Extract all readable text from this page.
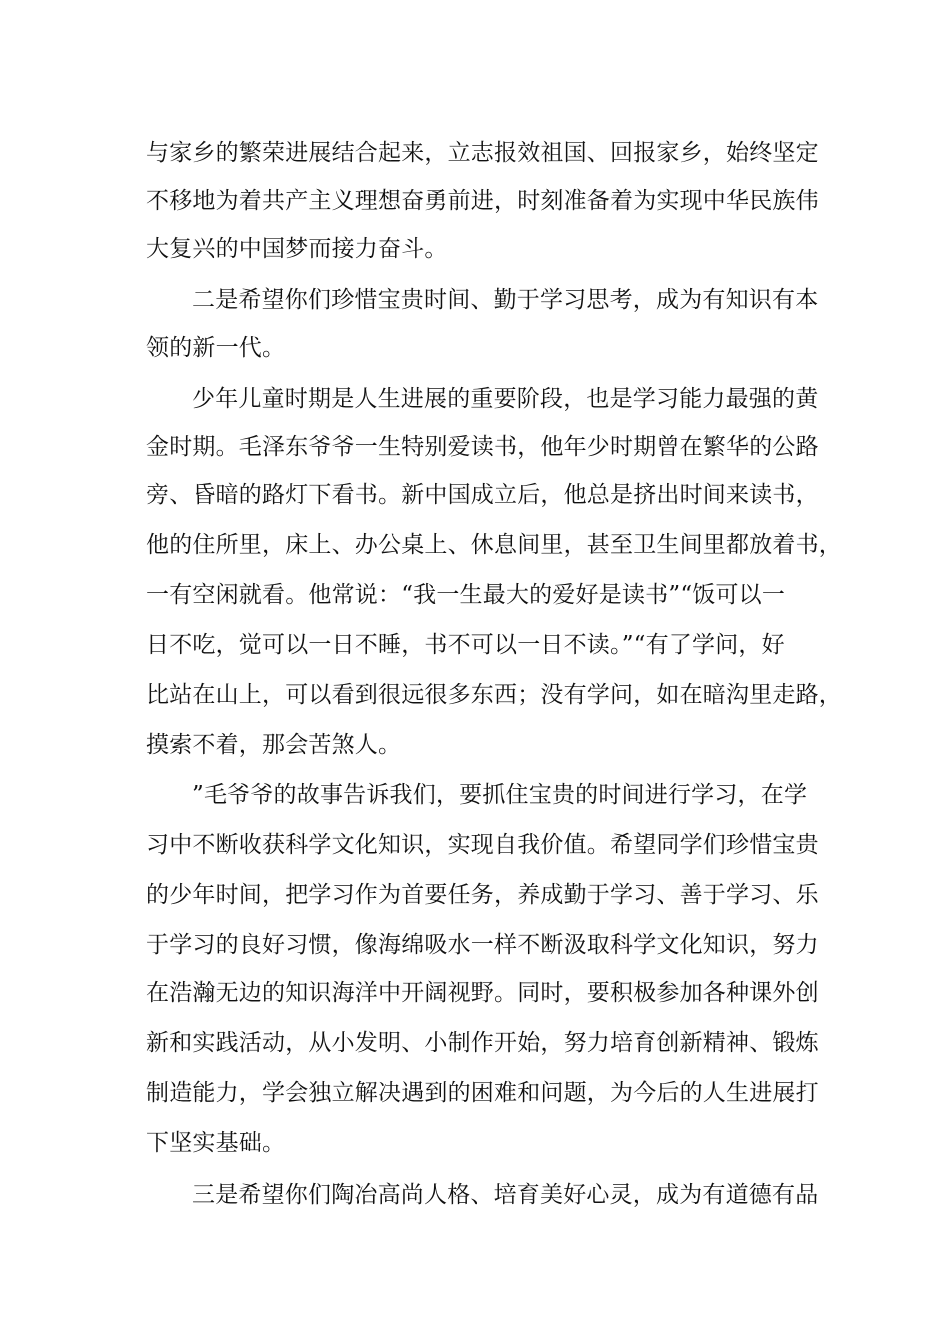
与家乡的繁荣进展结合起来，立志报效祖国、回报家乡，始终坚定

不移地为着共产主义理想奋勇前进，时刻准备着为实现中华民族伟

大复兴的中国梦而接力奋斗。

二是希望你们珍惜宝贵时间、勤于学习思考，成为有知识有本

领的新一代。

少年儿童时期是人生进展的重要阶段，也是学习能力最强的黄

金时期。毛泽东爷爷一生特别爱读书，他年少时期曾在繁华的公路

旁、昏暗的路灯下看书。新中国成立后，他总是挤出时间来读书，

他的住所里，床上、办公桌上、休息间里，甚至卫生间里都放着书，

一有空闲就看。他常说：“我一生最大的爱好是读书”“饭可以一

日不吃，觉可以一日不睡，书不可以一日不读。”“有了学问，好

比站在山上，可以看到很远很多东西；没有学问，如在暗沟里走路，

摸索不着，那会苦煞人。

”毛爷爷的故事告诉我们，要抓住宝贵的时间进行学习，在学

习中不断收获科学文化知识，实现自我价值。希望同学们珍惜宝贵

的少年时间，把学习作为首要任务，养成勤于学习、善于学习、乐

于学习的良好习惯，像海绵吸水一样不断汲取科学文化知识，努力

在浩瀚无边的知识海洋中开阔视野。同时，要积极参加各种课外创

新和实践活动，从小发明、小制作开始，努力培育创新精神、锻炼

制造能力，学会独立解决遇到的困难和问题，为今后的人生进展打

下坚实基础。

三是希望你们陶冶高尚人格、培育美好心灵，成为有道德有品
